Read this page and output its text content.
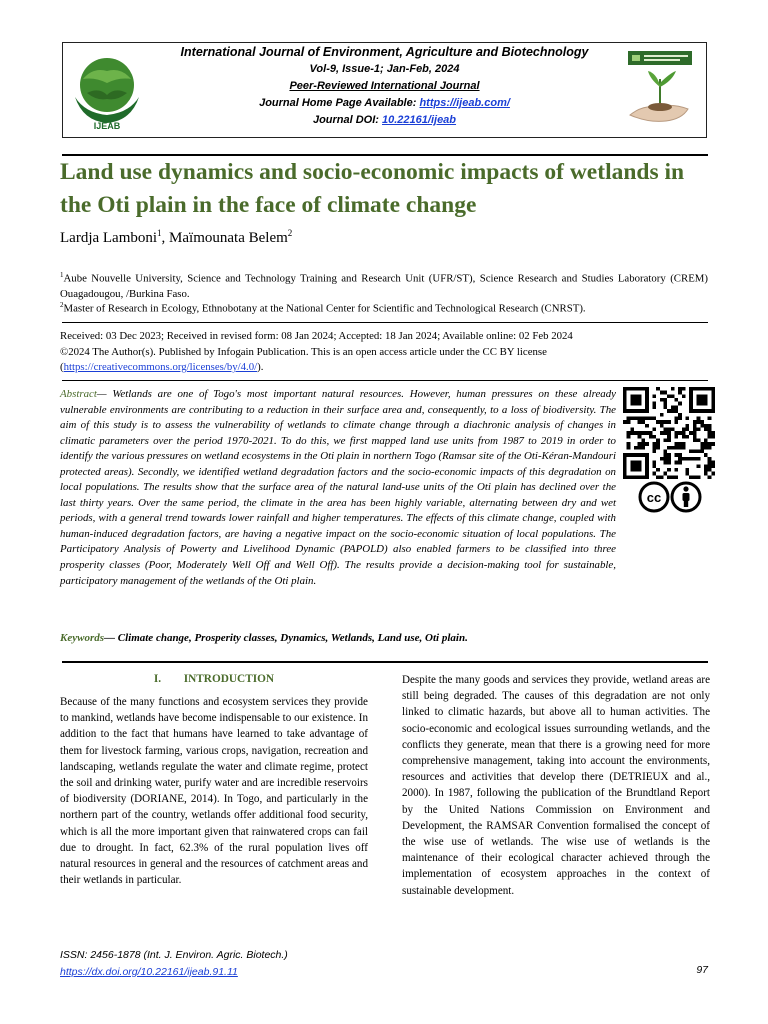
IJEAB
International Journal of Environment, Agriculture and Biotechnology
Vol-9, Issue-1; Jan-Feb, 2024
Peer-Reviewed International Journal
Journal Home Page Available: https://ijeab.com/
Journal DOI: 10.22161/ijeab
Land use dynamics and socio-economic impacts of wetlands in the Oti plain in the face of climate change
Lardja Lamboni$^1$, Maïmounata Belem$^2$

$^1$Aube Nouvelle University, Science and Technology Training and Research Unit (UFR/ST), Science Research and Studies Laboratory (CREM) Ouagadougou, /Burkina Faso.

$^2$Master of Research in Ecology, Ethnobotany at the National Center for Scientific and Technological Research (CNRST).

Received: 03 Dec 2023; Received in revised form: 08 Jan 2024; Accepted: 18 Jan 2024; Available online: 02 Feb 2024
©2024 The Author(s). Published by Infogain Publication. This is an open access article under the CC BY license
(https://creativecommons.org/licenses/by/4.0/).

Abstract— Wetlands are one of Togo's most important natural resources. However, human pressures on these already vulnerable environments are contributing to a reduction in their surface area and, consequently, to a loss of biodiversity. The aim of this study is to assess the vulnerability of wetlands to climate change through a diachronic analysis of changes in climatic parameters over the period 1970-2021. To do this, we first mapped land use units from 1987 to 2019 in order to identify the various pressures on wetland ecosystems in the Oti plain in northern Togo (Ramsar site of the Oti-Kéran-Mandouri protected areas). Secondly, we identified wetland degradation factors and the socio-economic impacts of this degradation on local populations. The results show that the surface area of the natural land-use units of the Oti plain has declined over the last thirty years. Over the same period, the climate in the area has been highly variable, alternating between dry and wet periods, with a general trend towards lower rainfall and higher temperatures. The effects of this climate change, coupled with human-induced degradation factors, are having a negative impact on the socio-economic situation of local populations. The Participatory Analysis of Powerty and Livelihood Dynamic (PAPOLD) also enabled farmers to be classified into three prosperity classes (Poor, Moderately Well Off and Well Off). The results provide a decision-making tool for sustainable, participatory management of the wetlands of the Oti plain.

cc
Keywords— Climate change, Prosperity classes, Dynamics, Wetlands, Land use, Oti plain.
I.        INTRODUCTION

Because of the many functions and ecosystem services they provide to mankind, wetlands have become indispensable to our existence. In addition to the fact that humans have learned to take advantage of them for livestock farming, various crops, navigation, recreation and landscaping, wetlands regulate the water and climate regime, protect the soil and drinking water, purify water and are incredible reservoirs of biodiversity (DORIANE, 2014). In Togo, and particularly in the northern part of the country, wetlands offer additional food security, which is all the more important given that rainwatered crops can fail due to drought. In fact, 62.3% of the rural population lives off natural resources in general and the resources of catchment areas and their wetlands in particular.

Despite the many goods and services they provide, wetland areas are still being degraded. The causes of this degradation are not only linked to climatic hazards, but above all to human activities. The socio-economic and ecological issues surrounding wetlands, and the conflicts they generate, mean that there is a growing need for more comprehensive management, taking into account the environments, resources and activities that develop there (DETRIEUX and al., 2000). In 1987, following the publication of the Brundtland Report by the United Nations Commission on Environment and Development, the RAMSAR Convention formalised the concept of the wise use of wetlands. The wise use of wetlands is the maintenance of their ecological character achieved through the implementation of ecosystem approaches in the context of sustainable development.

ISSN: 2456-1878 (Int. J. Environ. Agric. Biotech.)
https://dx.doi.org/10.22161/ijeab.91.11	97
